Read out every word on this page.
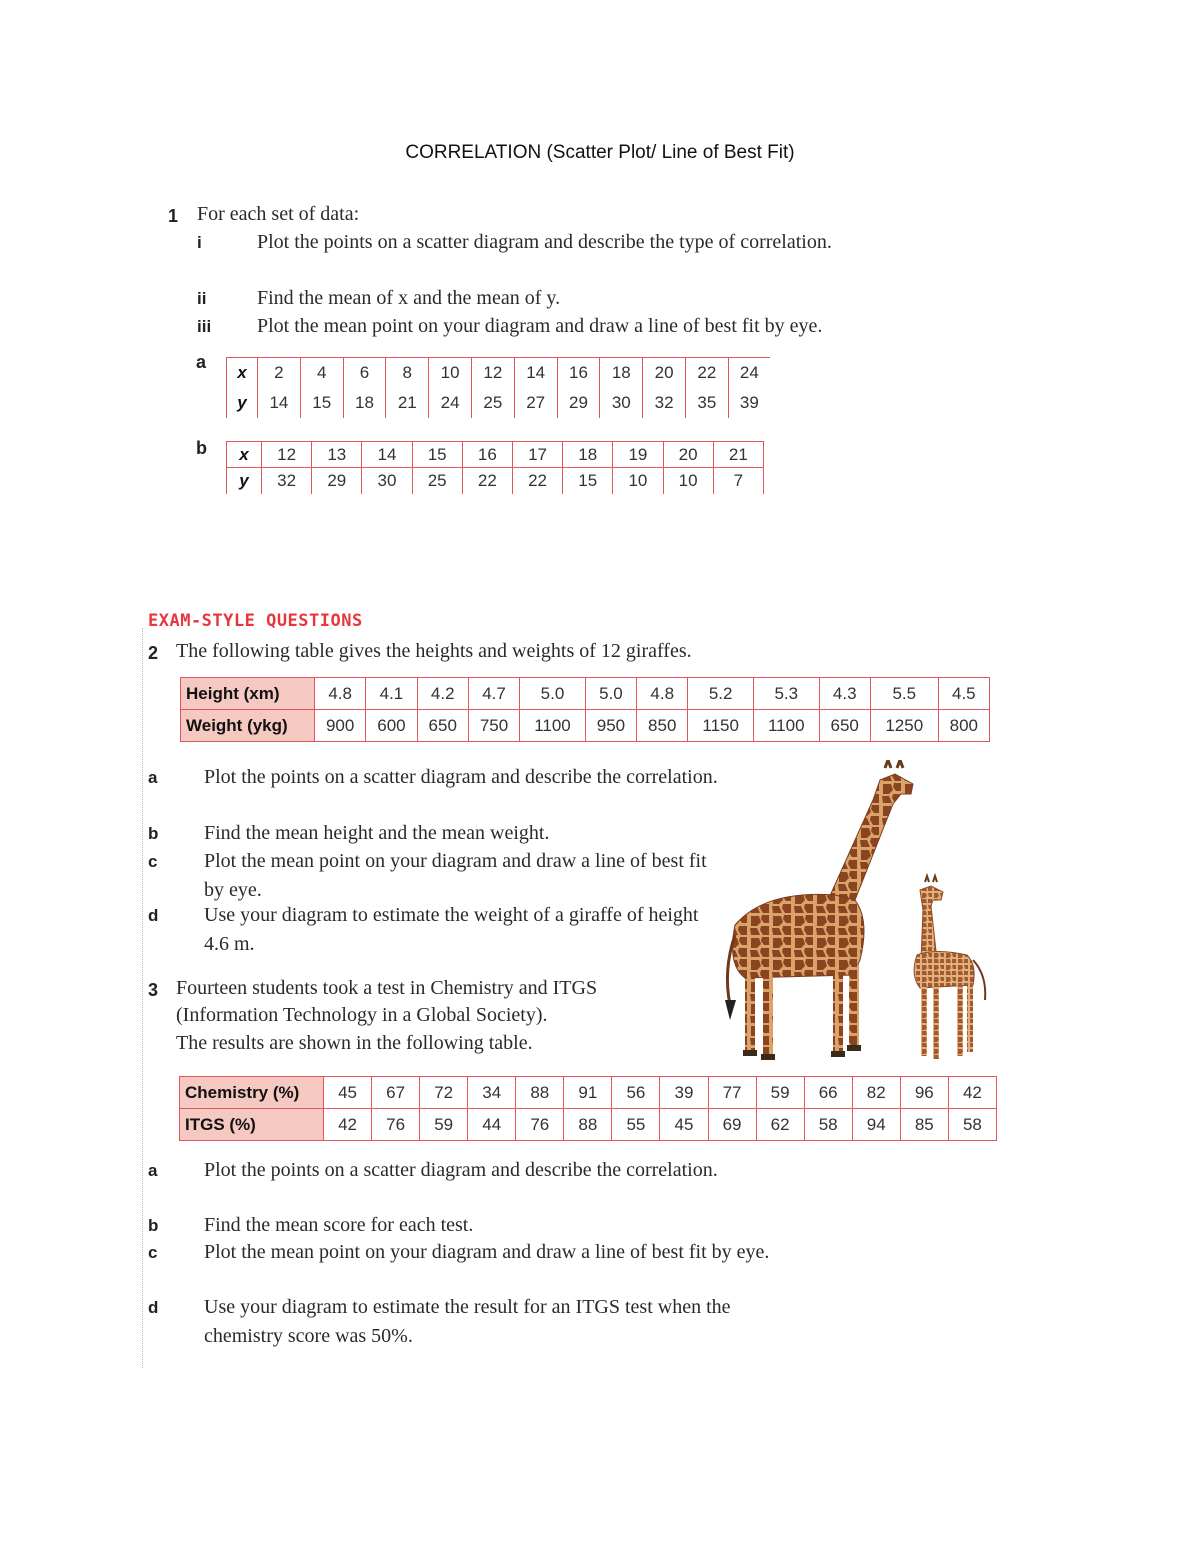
CORRELATION (Scatter Plot/ Line of Best Fit)
1 For each set of data:
i	Plot the points on a scatter diagram and describe the type of correlation.
ii	Find the mean of x and the mean of y.
iii Plot the mean point on your diagram and draw a line of best fit by eye.
a
x	2	4	6	8	10	12	14	16	18	20	22	24
y	14	15	18	21	24	25	27	29	30	32	35	39
b x	12	13	14	15	16	17	18	19	20	21
y	32	29	30	25	22	22	15	10	10	7
EXAM-STYLE QUESTIONS
2 The following table gives the heights and weights of 12 giraffes.
Height (xm)	4.8	4.1	4.2	4.7	5.0	5.0	4.8	5.2	5.3	4.3	5.5	4.5
Weight (ykg)	900	600	650	750	1100	950	850	1150	1100	650	1250	800
a Plot the points on a scatter diagram and describe the correlation.
b Find the mean height and the mean weight.
c Plot the mean point on your diagram and draw a line of best fit by eye.
d Use your diagram to estimate the weight of a giraffe of height 4.6 m.
3 Fourteen students took a test in Chemistry and ITGS
(Information Technology in a Global Society).
The results are shown in the following table.
Chemistry (%)	45	67	72	34	88	91	56	39	77	59	66	82	96	42
ITGS (%)	42	76	59	44	76	88	55	45	69	62	58	94	85	58
a Plot the points on a scatter diagram and describe the correlation.
b Find the mean score for each test.
c Plot the mean point on your diagram and draw a line of best fit by eye.
d Use your diagram to estimate the result for an ITGS test when the chemistry score was 50%.
